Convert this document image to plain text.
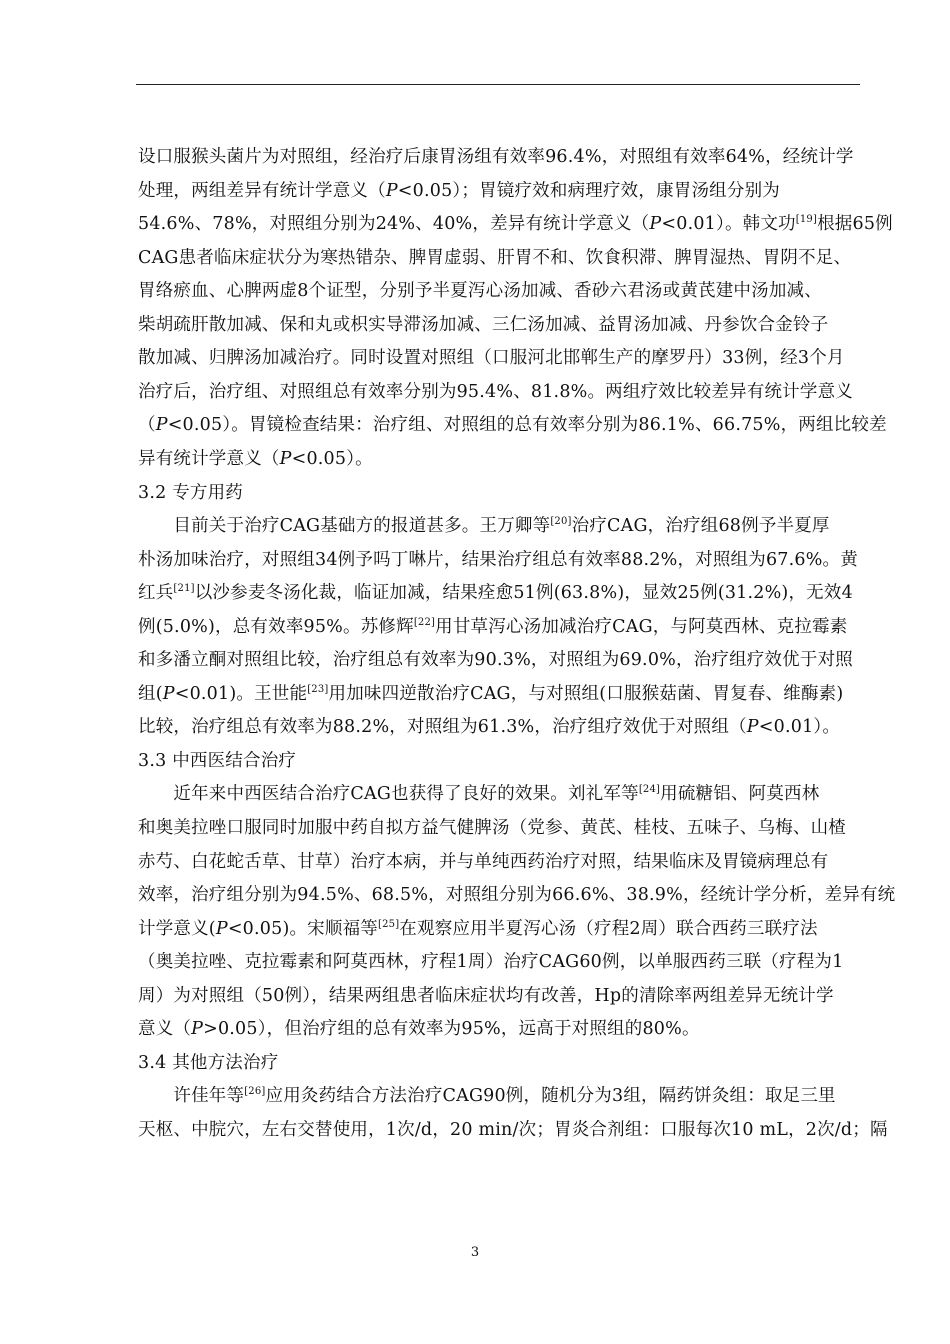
设口服猴头菌片为对照组，经治疗后康胃汤组有效率96.4%，对照组有效率64%，经统计学
处理，两组差异有统计学意义（P<0.05）；胃镜疗效和病理疗效，康胃汤组分别为
54.6%、78%，对照组分别为24%、40%，差异有统计学意义（P<0.01）。韩文功[19]根据65例
CAG患者临床症状分为寒热错杂、脾胃虚弱、肝胃不和、饮食积滞、脾胃湿热、胃阴不足、
胃络瘀血、心脾两虚8个证型，分别予半夏泻心汤加减、香砂六君汤或黄芪建中汤加减、
柴胡疏肝散加减、保和丸或枳实导滞汤加减、三仁汤加减、益胃汤加减、丹参饮合金铃子
散加减、归脾汤加减治疗。同时设置对照组（口服河北邯郸生产的摩罗丹）33例，经3个月
治疗后，治疗组、对照组总有效率分别为95.4%、81.8%。两组疗效比较差异有统计学意义
（P<0.05）。胃镜检查结果：治疗组、对照组的总有效率分别为86.1%、66.75%，两组比较差
异有统计学意义（P<0.05）。
3.2 专方用药
　　目前关于治疗CAG基础方的报道甚多。王万卿等[20]治疗CAG，治疗组68例予半夏厚
朴汤加味治疗，对照组34例予吗丁啉片，结果治疗组总有效率88.2%，对照组为67.6%。黄
红兵[21]以沙参麦冬汤化裁，临证加减，结果痊愈51例(63.8%)，显效25例(31.2%)，无效4
例(5.0%)，总有效率95%。苏修辉[22]用甘草泻心汤加减治疗CAG，与阿莫西林、克拉霉素
和多潘立酮对照组比较，治疗组总有效率为90.3%，对照组为69.0%，治疗组疗效优于对照
组(P<0.01)。王世能[23]用加味四逆散治疗CAG，与对照组(口服猴菇菌、胃复春、维酶素)
比较，治疗组总有效率为88.2%，对照组为61.3%，治疗组疗效优于对照组（P<0.01）。
3.3 中西医结合治疗
　　近年来中西医结合治疗CAG也获得了良好的效果。刘礼军等[24]用硫糖铝、阿莫西林
和奥美拉唑口服同时加服中药自拟方益气健脾汤（党参、黄芪、桂枝、五味子、乌梅、山楂
赤芍、白花蛇舌草、甘草）治疗本病，并与单纯西药治疗对照，结果临床及胃镜病理总有
效率，治疗组分别为94.5%、68.5%，对照组分别为66.6%、38.9%，经统计学分析，差异有统
计学意义(P<0.05)。宋顺福等[25]在观察应用半夏泻心汤（疗程2周）联合西药三联疗法
（奥美拉唑、克拉霉素和阿莫西林，疗程1周）治疗CAG60例，以单服西药三联（疗程为1
周）为对照组（50例），结果两组患者临床症状均有改善，Hp的清除率两组差异无统计学
意义（P>0.05），但治疗组的总有效率为95%，远高于对照组的80%。
3.4 其他方法治疗
　　许佳年等[26]应用灸药结合方法治疗CAG90例，随机分为3组，隔药饼灸组：取足三里
天枢、中脘穴，左右交替使用，1次/d，20 min/次；胃炎合剂组：口服每次10 mL，2次/d；隔
3
